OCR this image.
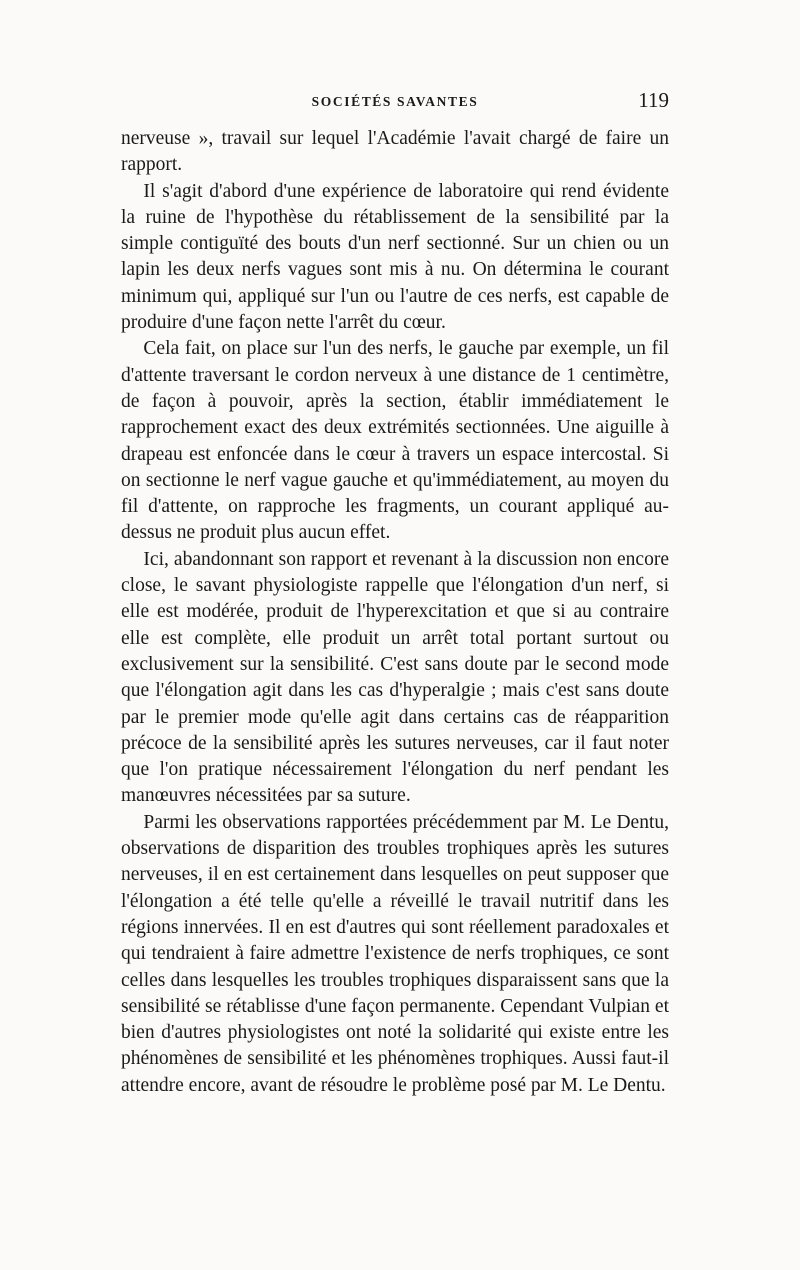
SOCIÉTÉS SAVANTES	119

nerveuse », travail sur lequel l'Académie l'avait chargé de faire un rapport.

Il s'agit d'abord d'une expérience de laboratoire qui rend évidente la ruine de l'hypothèse du rétablissement de la sensibilité par la simple contiguïté des bouts d'un nerf sectionné. Sur un chien ou un lapin les deux nerfs vagues sont mis à nu. On détermina le courant minimum qui, appliqué sur l'un ou l'autre de ces nerfs, est capable de produire d'une façon nette l'arrêt du cœur.

Cela fait, on place sur l'un des nerfs, le gauche par exemple, un fil d'attente traversant le cordon nerveux à une distance de 1 centimètre, de façon à pouvoir, après la section, établir immédiatement le rapprochement exact des deux extrémités sectionnées. Une aiguille à drapeau est enfoncée dans le cœur à travers un espace intercostal. Si on sectionne le nerf vague gauche et qu'immédiatement, au moyen du fil d'attente, on rapproche les fragments, un courant appliqué au-dessus ne produit plus aucun effet.

Ici, abandonnant son rapport et revenant à la discussion non encore close, le savant physiologiste rappelle que l'élongation d'un nerf, si elle est modérée, produit de l'hyperexcitation et que si au contraire elle est complète, elle produit un arrêt total portant surtout ou exclusivement sur la sensibilité. C'est sans doute par le second mode que l'élongation agit dans les cas d'hyperalgie ; mais c'est sans doute par le premier mode qu'elle agit dans certains cas de réapparition précoce de la sensibilité après les sutures nerveuses, car il faut noter que l'on pratique nécessairement l'élongation du nerf pendant les manœuvres nécessitées par sa suture.

Parmi les observations rapportées précédemment par M. Le Dentu, observations de disparition des troubles trophiques après les sutures nerveuses, il en est certainement dans lesquelles on peut supposer que l'élongation a été telle qu'elle a réveillé le travail nutritif dans les régions innervées. Il en est d'autres qui sont réellement paradoxales et qui tendraient à faire admettre l'existence de nerfs trophiques, ce sont celles dans lesquelles les troubles trophiques disparaissent sans que la sensibilité se rétablisse d'une façon permanente. Cependant Vulpian et bien d'autres physiologistes ont noté la solidarité qui existe entre les phénomènes de sensibilité et les phénomènes trophiques. Aussi faut-il attendre encore, avant de résoudre le problème posé par M. Le Dentu.
